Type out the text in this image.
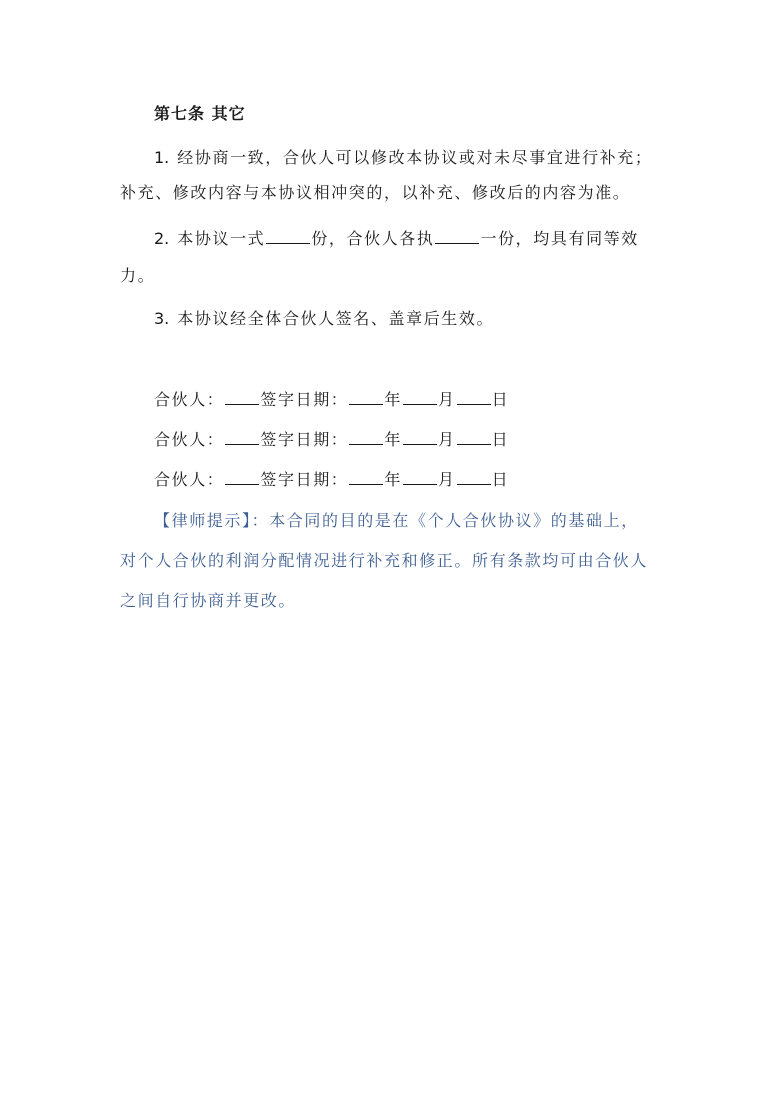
第七条 其它
1. 经协商一致，合伙人可以修改本协议或对未尽事宜进行补充；
补充、修改内容与本协议相冲突的，以补充、修改后的内容为准。
2. 本协议一式	份，合伙人各执	一份，均具有同等效
力。
3. 本协议经全体合伙人签名、盖章后生效。
合伙人： 签字日期： 年 月 日
合伙人： 签字日期： 年 月 日
合伙人： 签字日期： 年 月 日
【律师提示】：本合同的目的是在《个人合伙协议》的基础上，
对个人合伙的利润分配情况进行补充和修正。所有条款均可由合伙人
之间自行协商并更改。
